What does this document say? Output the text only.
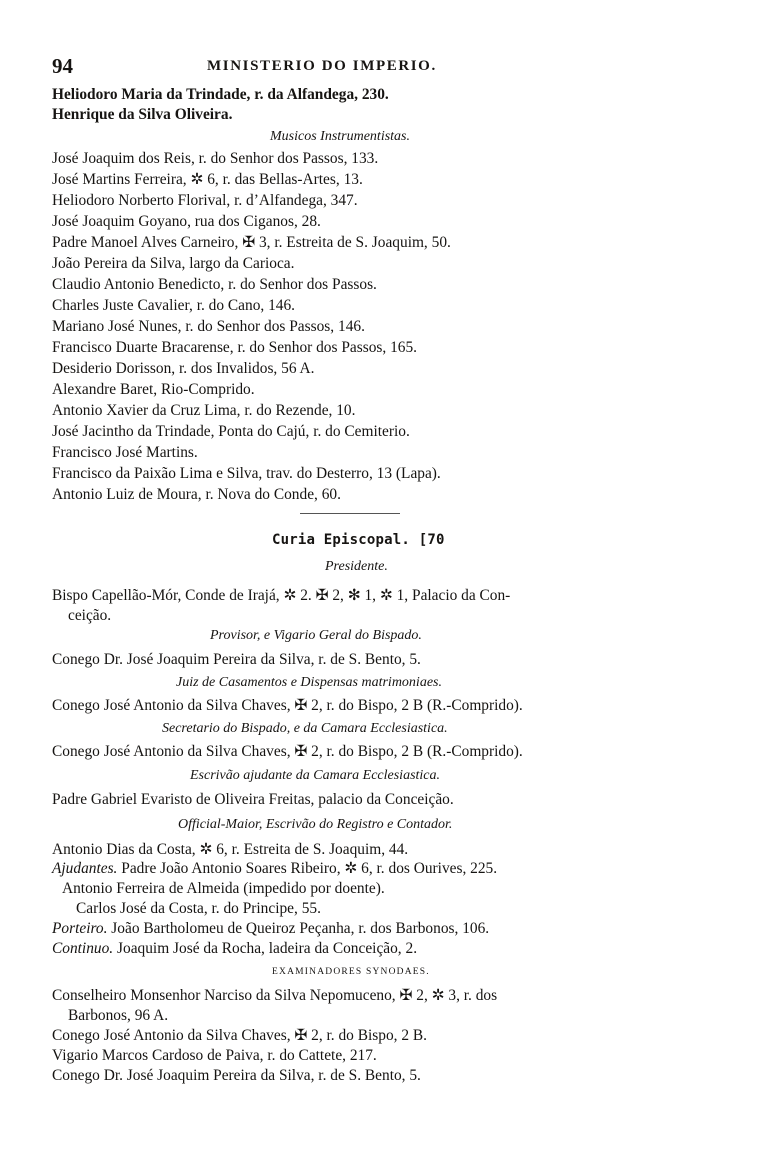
94	MINISTERIO DO IMPERIO.
Heliodoro Maria da Trindade, r. da Alfandega, 230.
Henrique da Silva Oliveira.
Musicos Instrumentistas.
José Joaquim dos Reis, r. do Senhor dos Passos, 133.
José Martins Ferreira, ✲ 6, r. das Bellas-Artes, 13.
Heliodoro Norberto Florival, r. d’Alfandega, 347.
José Joaquim Goyano, rua dos Ciganos, 28.
Padre Manoel Alves Carneiro, ✠ 3, r. Estreita de S. Joaquim, 50.
João Pereira da Silva, largo da Carioca.
Claudio Antonio Benedicto, r. do Senhor dos Passos.
Charles Juste Cavalier, r. do Cano, 146.
Mariano José Nunes, r. do Senhor dos Passos, 146.
Francisco Duarte Bracarense, r. do Senhor dos Passos, 165.
Desiderio Dorisson, r. dos Invalidos, 56 A.
Alexandre Baret, Rio-Comprido.
Antonio Xavier da Cruz Lima, r. do Rezende, 10.
José Jacintho da Trindade, Ponta do Cajú, r. do Cemiterio.
Francisco José Martins.
Francisco da Paixão Lima e Silva, trav. do Desterro, 13 (Lapa).
Antonio Luiz de Moura, r. Nova do Conde, 60.
Curia Episcopal. [70
Presidente.
Bispo Capellão-Mór, Conde de Irajá, ✲ 2. ✠ 2, ✻ 1, ✲ 1, Palacio da Con-
ceição.
Provisor, e Vigario Geral do Bispado.
Conego Dr. José Joaquim Pereira da Silva, r. de S. Bento, 5.
Juiz de Casamentos e Dispensas matrimoniaes.
Conego José Antonio da Silva Chaves, ✠ 2, r. do Bispo, 2 B (R.-Comprido).
Secretario do Bispado, e da Camara Ecclesiastica.
Conego José Antonio da Silva Chaves, ✠ 2, r. do Bispo, 2 B (R.-Comprido).
Escrivão ajudante da Camara Ecclesiastica.
Padre Gabriel Evaristo de Oliveira Freitas, palacio da Conceição.
Official-Maior, Escrivão do Registro e Contador.
Antonio Dias da Costa, ✲ 6, r. Estreita de S. Joaquim, 44.
Ajudantes. Padre João Antonio Soares Ribeiro, ✲ 6, r. dos Ourives, 225.
Antonio Ferreira de Almeida (impedido por doente).
Carlos José da Costa, r. do Principe, 55.
Porteiro. João Bartholomeu de Queiroz Peçanha, r. dos Barbonos, 106.
Continuo. Joaquim José da Rocha, ladeira da Conceição, 2.
EXAMINADORES SYNODAES.
Conselheiro Monsenhor Narciso da Silva Nepomuceno, ✠ 2, ✲ 3, r. dos
Barbonos, 96 A.
Conego José Antonio da Silva Chaves, ✠ 2, r. do Bispo, 2 B.
Vigario Marcos Cardoso de Paiva, r. do Cattete, 217.
Conego Dr. José Joaquim Pereira da Silva, r. de S. Bento, 5.
